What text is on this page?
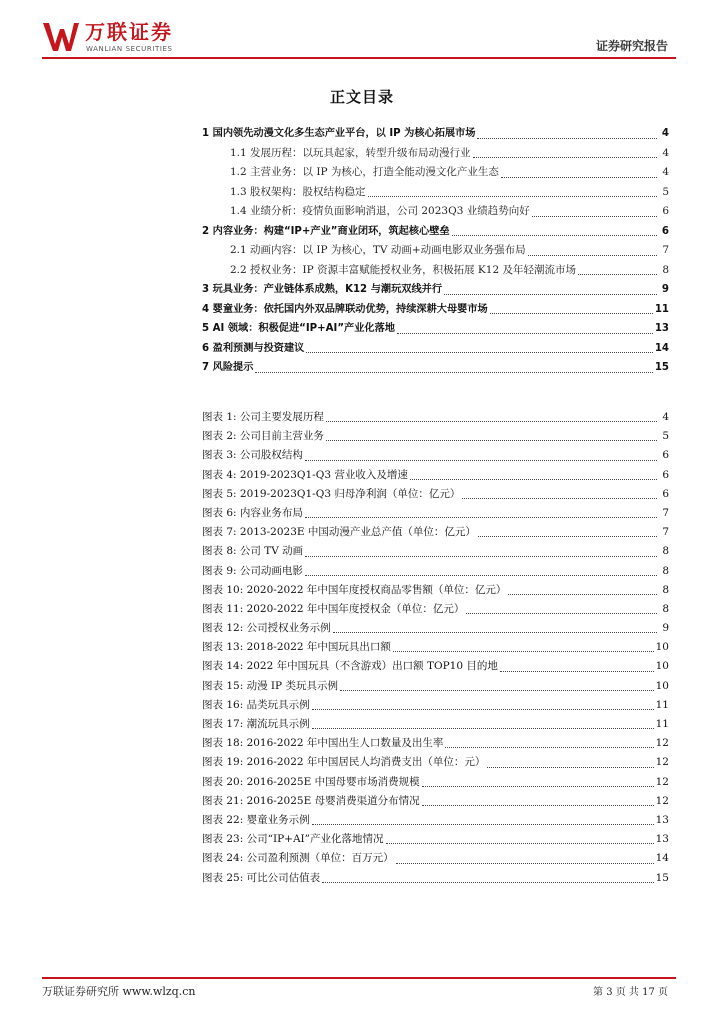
万联证券
WANLIAN SECURITIES	证券研究报告
正文目录
1 国内领先动漫文化多生态产业平台，以 IP 为核心拓展市场	4
1.1 发展历程：以玩具起家，转型升级布局动漫行业	4
1.2 主营业务：以 IP 为核心，打造全能动漫文化产业生态	4
1.3 股权架构：股权结构稳定	5
1.4 业绩分析：疫情负面影响消退，公司 2023Q3 业绩趋势向好	6
2 内容业务：构建“IP+产业”商业闭环，筑起核心壁垒	6
2.1 动画内容：以 IP 为核心，TV 动画+动画电影双业务强布局	7
2.2 授权业务：IP 资源丰富赋能授权业务，积极拓展 K12 及年轻潮流市场	8
3 玩具业务：产业链体系成熟，K12 与潮玩双线并行	9
4 婴童业务：依托国内外双品牌联动优势，持续深耕大母婴市场	11
5 AI 领域：积极促进“IP+AI”产业化落地	13
6 盈利预测与投资建议	14
7 风险提示	15
图表 1: 公司主要发展历程	4
图表 2: 公司目前主营业务	5
图表 3: 公司股权结构	6
图表 4: 2019-2023Q1-Q3 营业收入及增速	6
图表 5: 2019-2023Q1-Q3 归母净利润（单位：亿元）	6
图表 6: 内容业务布局	7
图表 7: 2013-2023E 中国动漫产业总产值（单位：亿元）	7
图表 8: 公司 TV 动画	8
图表 9: 公司动画电影	8
图表 10: 2020-2022 年中国年度授权商品零售额（单位：亿元）	8
图表 11: 2020-2022 年中国年度授权金（单位：亿元）	8
图表 12: 公司授权业务示例	9
图表 13: 2018-2022 年中国玩具出口额	10
图表 14: 2022 年中国玩具（不含游戏）出口额 TOP10 目的地	10
图表 15: 动漫 IP 类玩具示例	10
图表 16: 品类玩具示例	11
图表 17: 潮流玩具示例	11
图表 18: 2016-2022 年中国出生人口数量及出生率	12
图表 19: 2016-2022 年中国居民人均消费支出（单位：元）	12
图表 20: 2016-2025E 中国母婴市场消费规模	12
图表 21: 2016-2025E 母婴消费渠道分布情况	12
图表 22: 婴童业务示例	13
图表 23: 公司“IP+AI”产业化落地情况	13
图表 24: 公司盈利预测（单位：百万元）	14
图表 25: 可比公司估值表	15
万联证券研究所 www.wlzq.cn	第 3 页 共 17 页
